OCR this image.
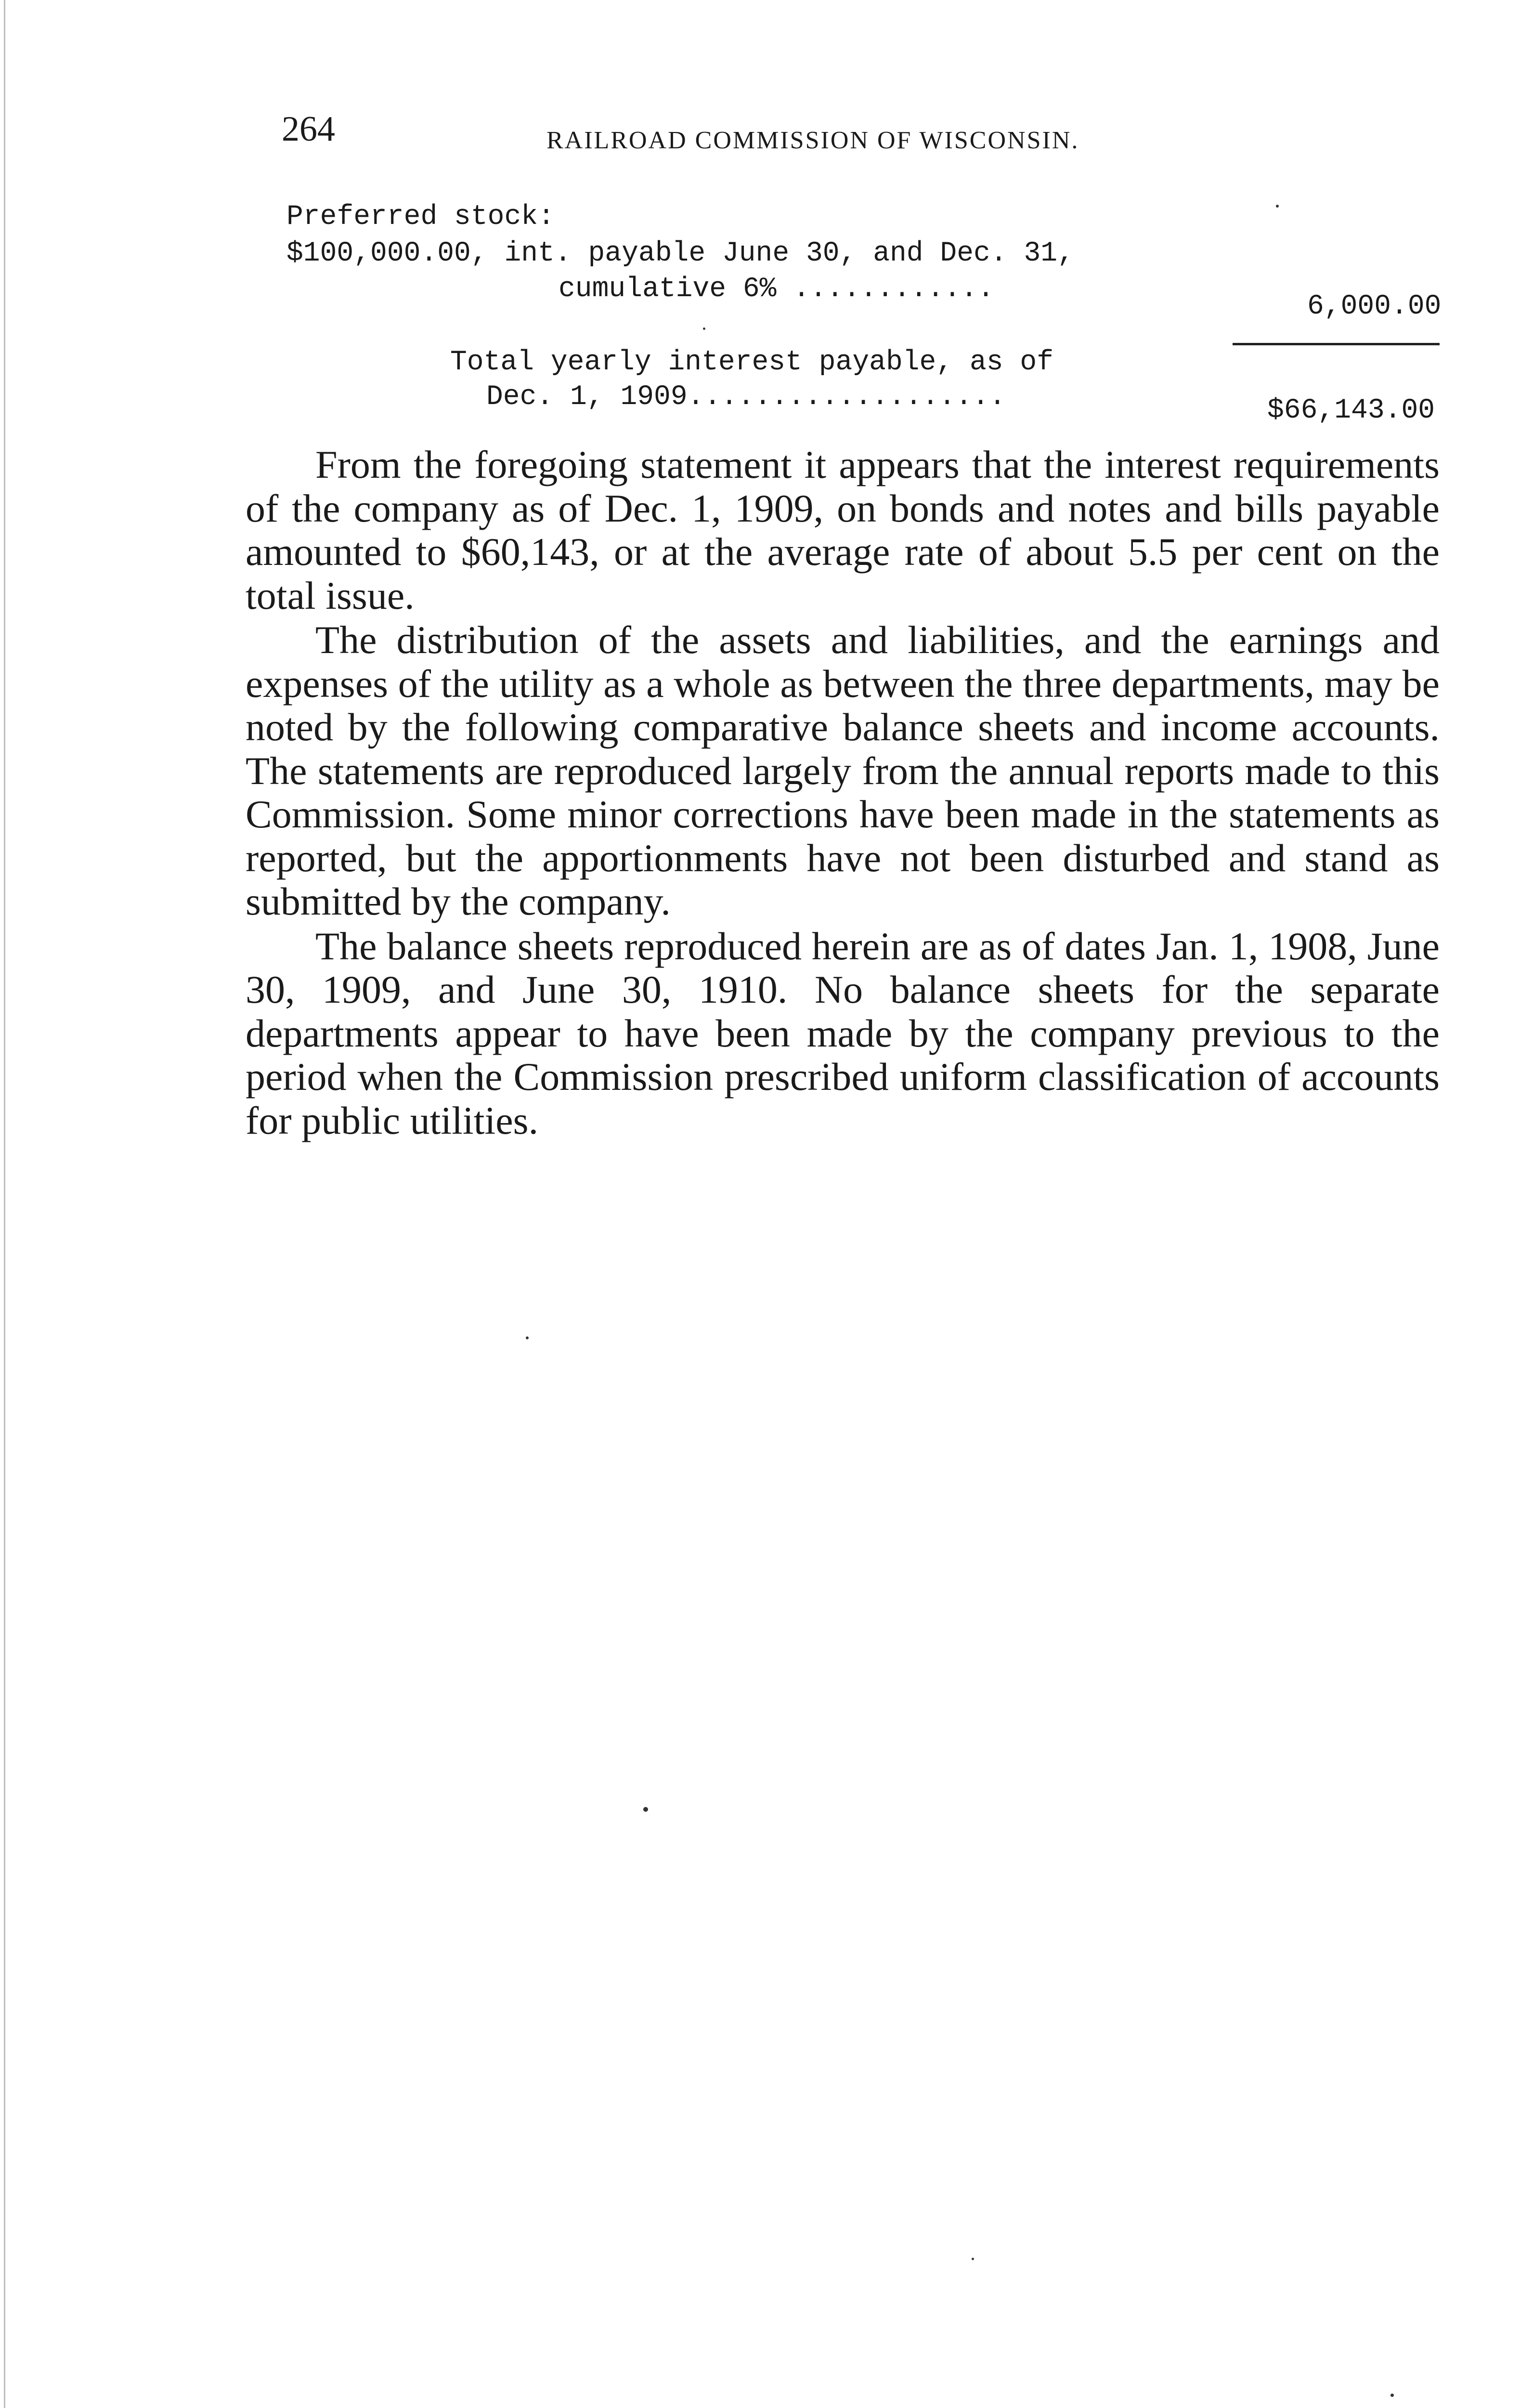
264	RAILROAD COMMISSION OF WISCONSIN.
Preferred stock:
$100,000.00, int. payable June 30, and Dec. 31,
cumulative 6% ............
6,000.00
Total yearly interest payable, as of
Dec. 1, 1909...................	$66,143.00

From the foregoing statement it appears that the interest requirements of the company as of Dec. 1, 1909, on bonds and notes and bills payable amounted to $60,143, or at the average rate of about 5.5 per cent on the total issue.

The distribution of the assets and liabilities, and the earnings and expenses of the utility as a whole as between the three departments, may be noted by the following comparative balance sheets and income accounts. The statements are reproduced largely from the annual reports made to this Commission. Some minor corrections have been made in the statements as reported, but the apportionments have not been disturbed and stand as submitted by the company.

The balance sheets reproduced herein are as of dates Jan. 1, 1908, June 30, 1909, and June 30, 1910. No balance sheets for the separate departments appear to have been made by the company previous to the period when the Commission prescribed uniform classification of accounts for public utilities.
